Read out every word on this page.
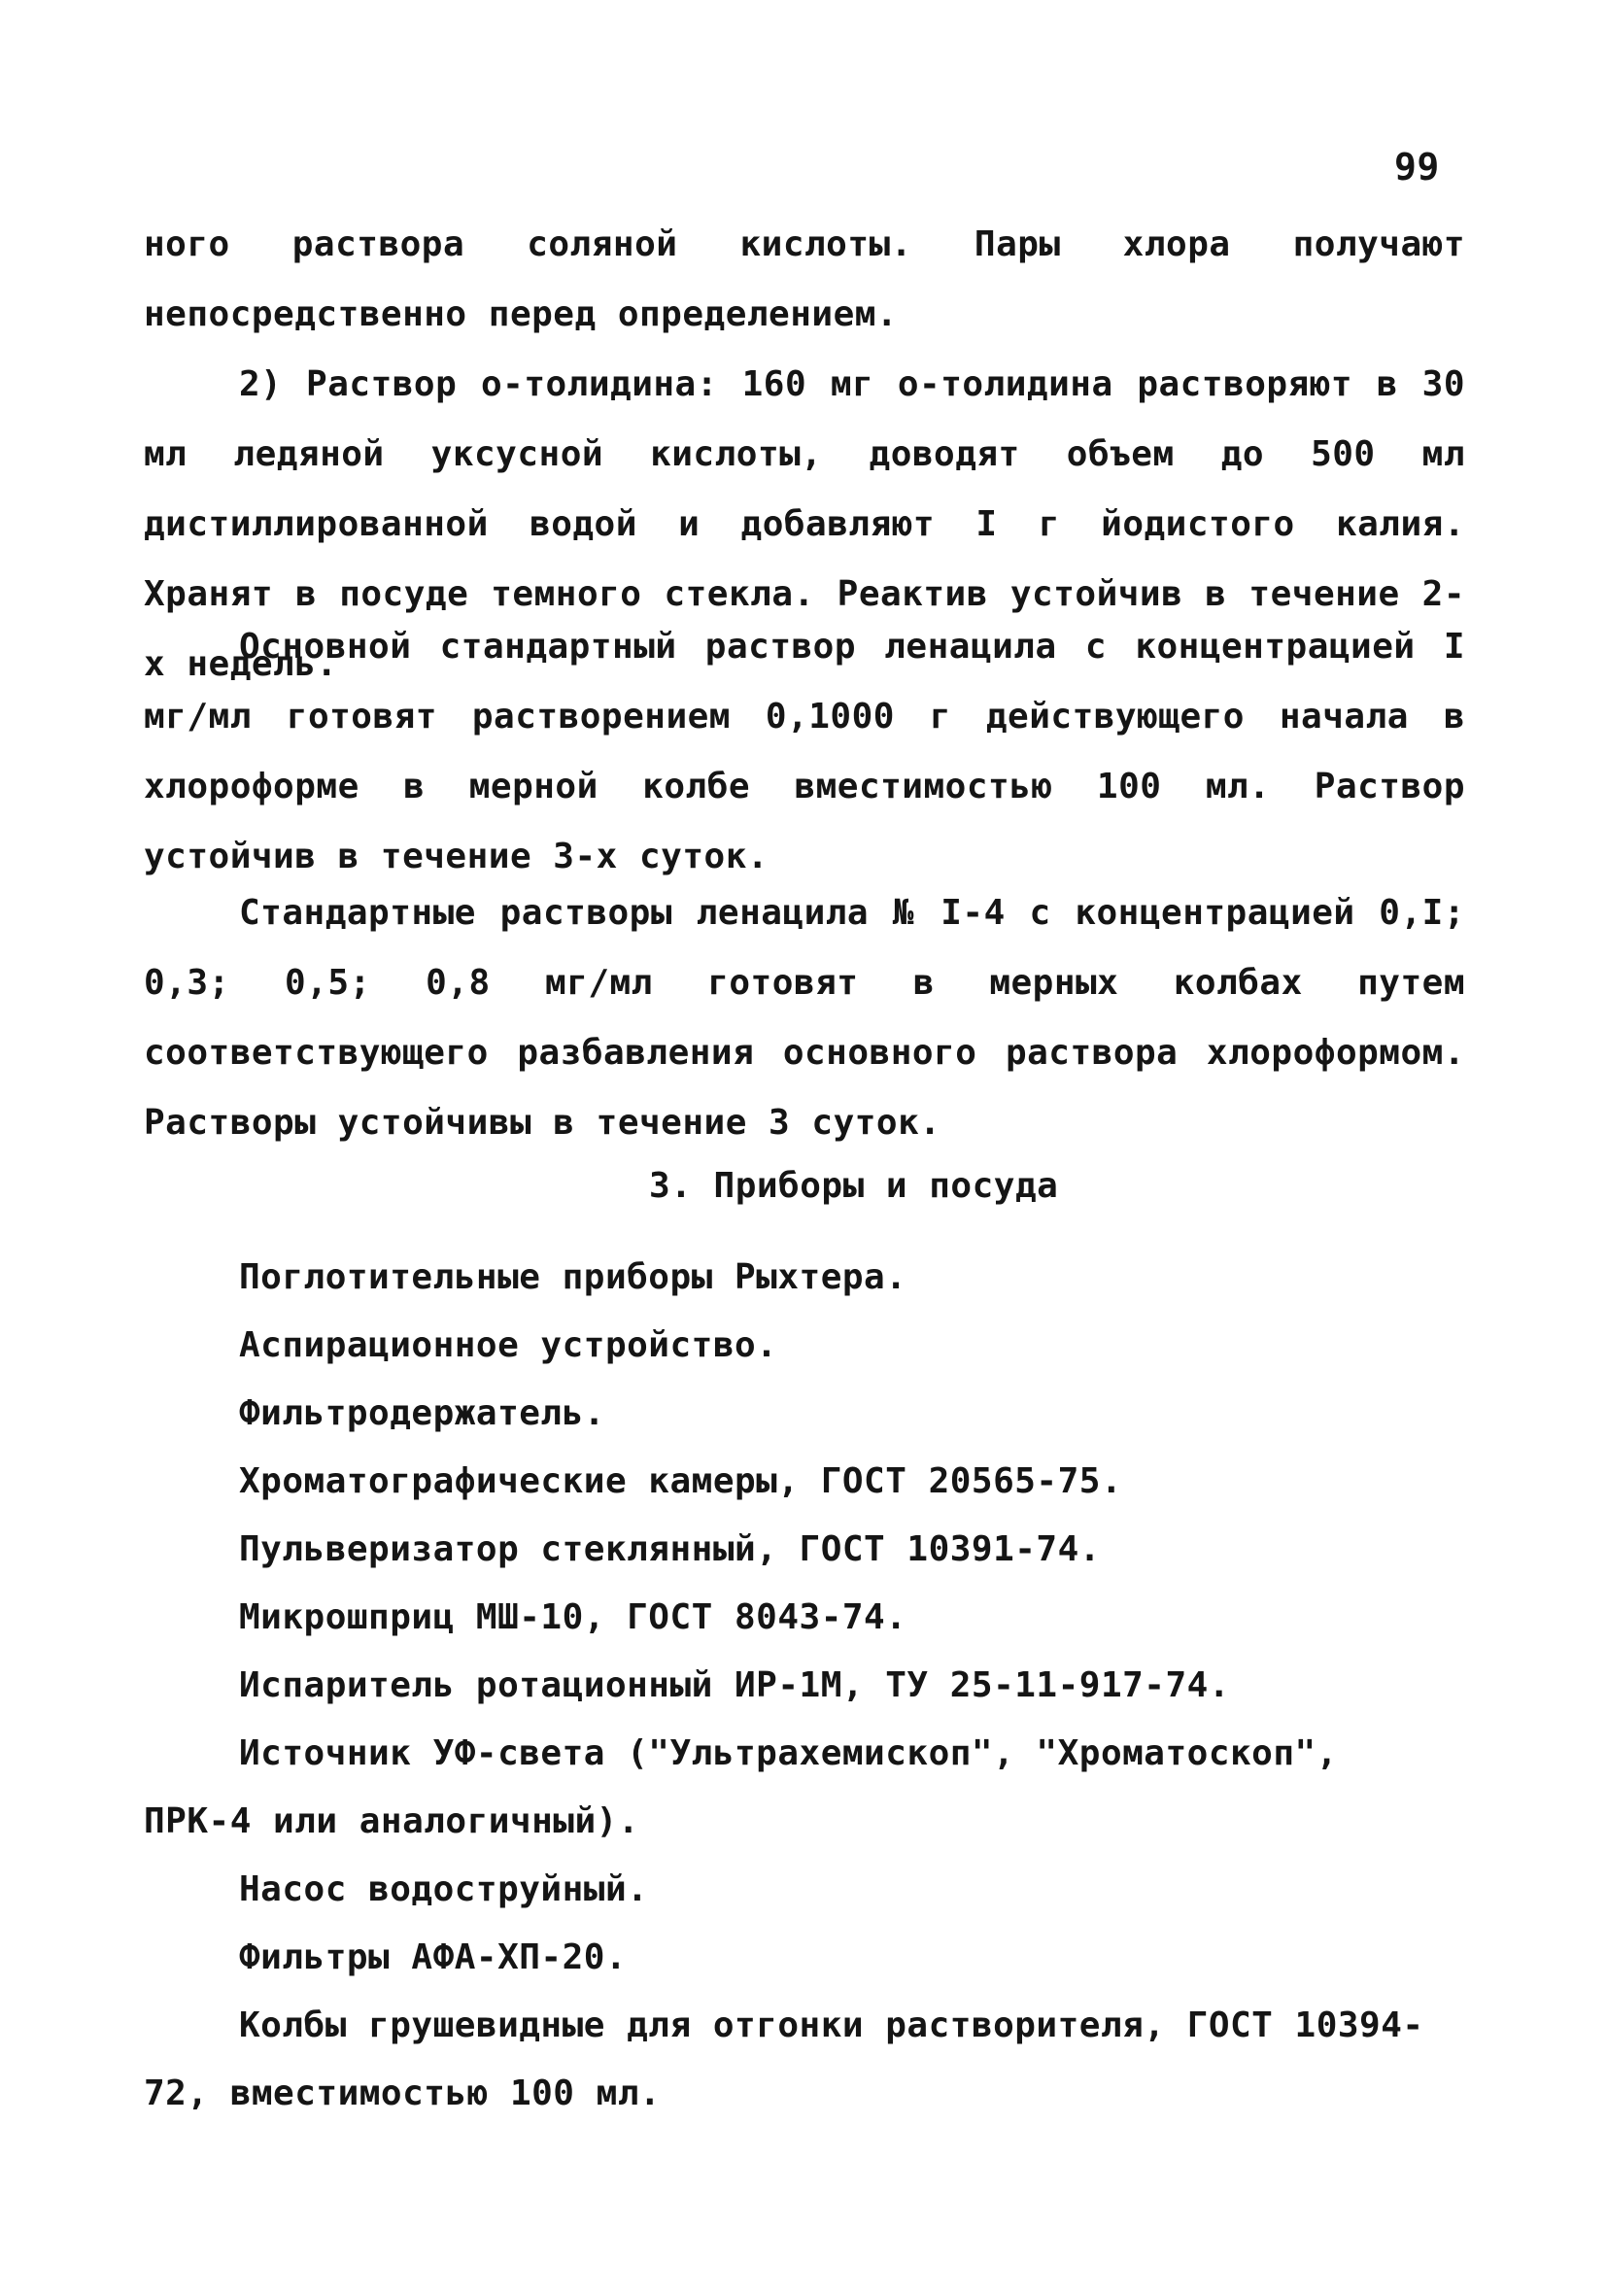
99

ного раствора соляной кислоты. Пары хлора получают непосредственно перед определением.

2) Раствор о-толидина: 160 мг о-толидина растворяют в 30 мл ледяной уксусной кислоты, доводят объем до 500 мл дистиллированной водой и добавляют I г йодистого калия. Хранят в посуде темного стекла. Реактив устойчив в течение 2-х недель.

Основной стандартный раствор ленацила с концентрацией I мг/мл готовят растворением 0,1000 г действующего начала в хлороформе в мерной колбе вместимостью 100 мл. Раствор устойчив в течение 3-х суток.

Стандартные растворы ленацила № I-4 с концентрацией 0,I; 0,3; 0,5; 0,8 мг/мл готовят в мерных колбах путем соответствующего разбавления основного раствора хлороформом. Растворы устойчивы в течение 3 суток.

3. Приборы и посуда
Поглотительные приборы Рыхтера.
Аспирационное устройство.
Фильтродержатель.
Хроматографические камеры, ГОСТ 20565-75.
Пульверизатор стеклянный, ГОСТ 10391-74.
Микрошприц МШ-10, ГОСТ 8043-74.
Испаритель ротационный ИР-1М, ТУ 25-11-917-74.
Источник УФ-света ("Ультрахемископ", "Хроматоскоп", ПРК-4 или аналогичный).
Насос водоструйный.
Фильтры АФА-ХП-20.
Колбы грушевидные для отгонки растворителя, ГОСТ 10394-72, вместимостью 100 мл.
